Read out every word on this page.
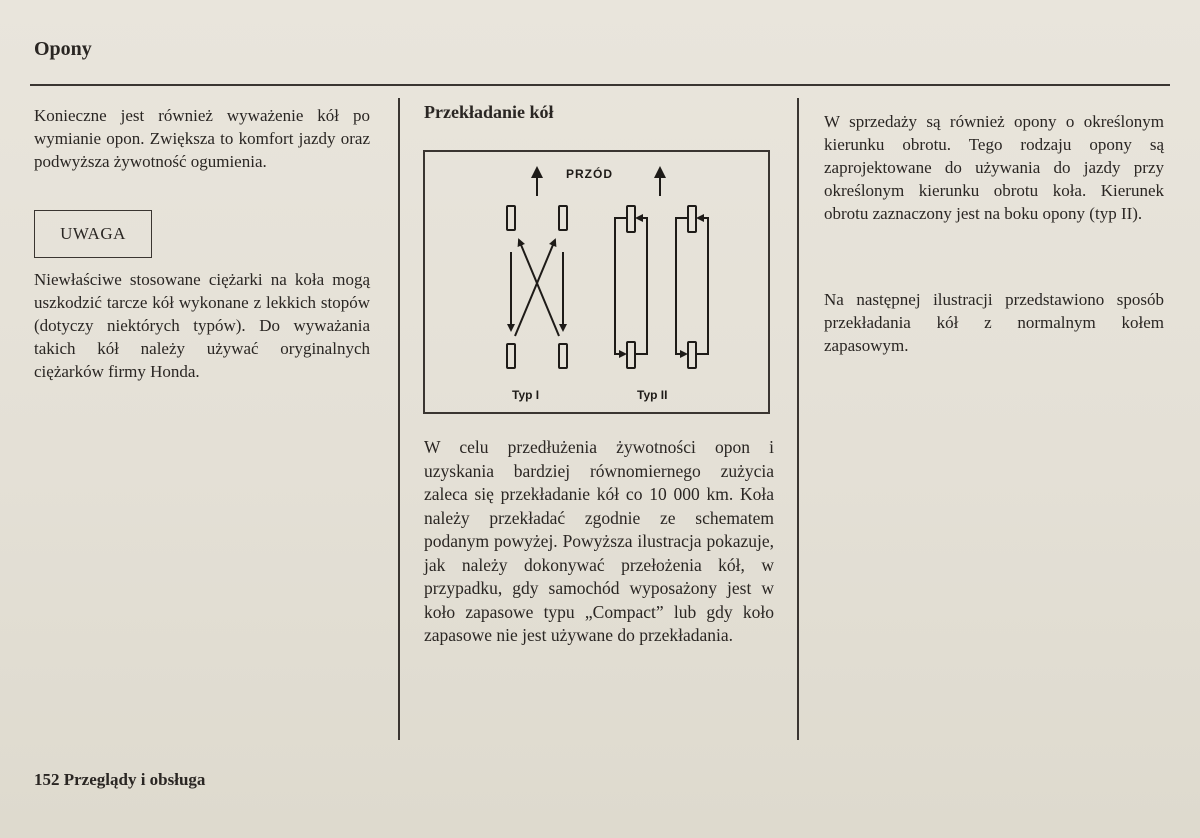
Opony

Konieczne jest również wyważenie kół po wymianie opon. Zwiększa to komfort jazdy oraz podwyższa żywotność ogumienia.

UWAGA

Niewłaściwe stosowane ciężarki na koła mogą uszkodzić tarcze kół wykonane z lekkich stopów (dotyczy niektórych typów). Do wyważania takich kół należy używać oryginalnych ciężarków firmy Honda.

Przekładanie kół
PRZÓD
Typ I	Typ II

W celu przedłużenia żywotności opon i uzyskania bardziej równomiernego zużycia zaleca się przekładanie kół co 10 000 km. Koła należy przekładać zgodnie ze schematem podanym powyżej. Powyższa ilustracja pokazuje, jak należy dokonywać przełożenia kół, w przypadku, gdy samochód wyposażony jest w koło zapasowe typu „Compact” lub gdy koło zapasowe nie jest używane do przekładania.

W sprzedaży są również opony o określonym kierunku obrotu. Tego rodzaju opony są zaprojektowane do używania do jazdy przy określonym kierunku obrotu koła. Kierunek obrotu zaznaczony jest na boku opony (typ II).

Na następnej ilustracji przedstawiono sposób przekładania kół z normalnym kołem zapasowym.

152 Przeglądy i obsługa
